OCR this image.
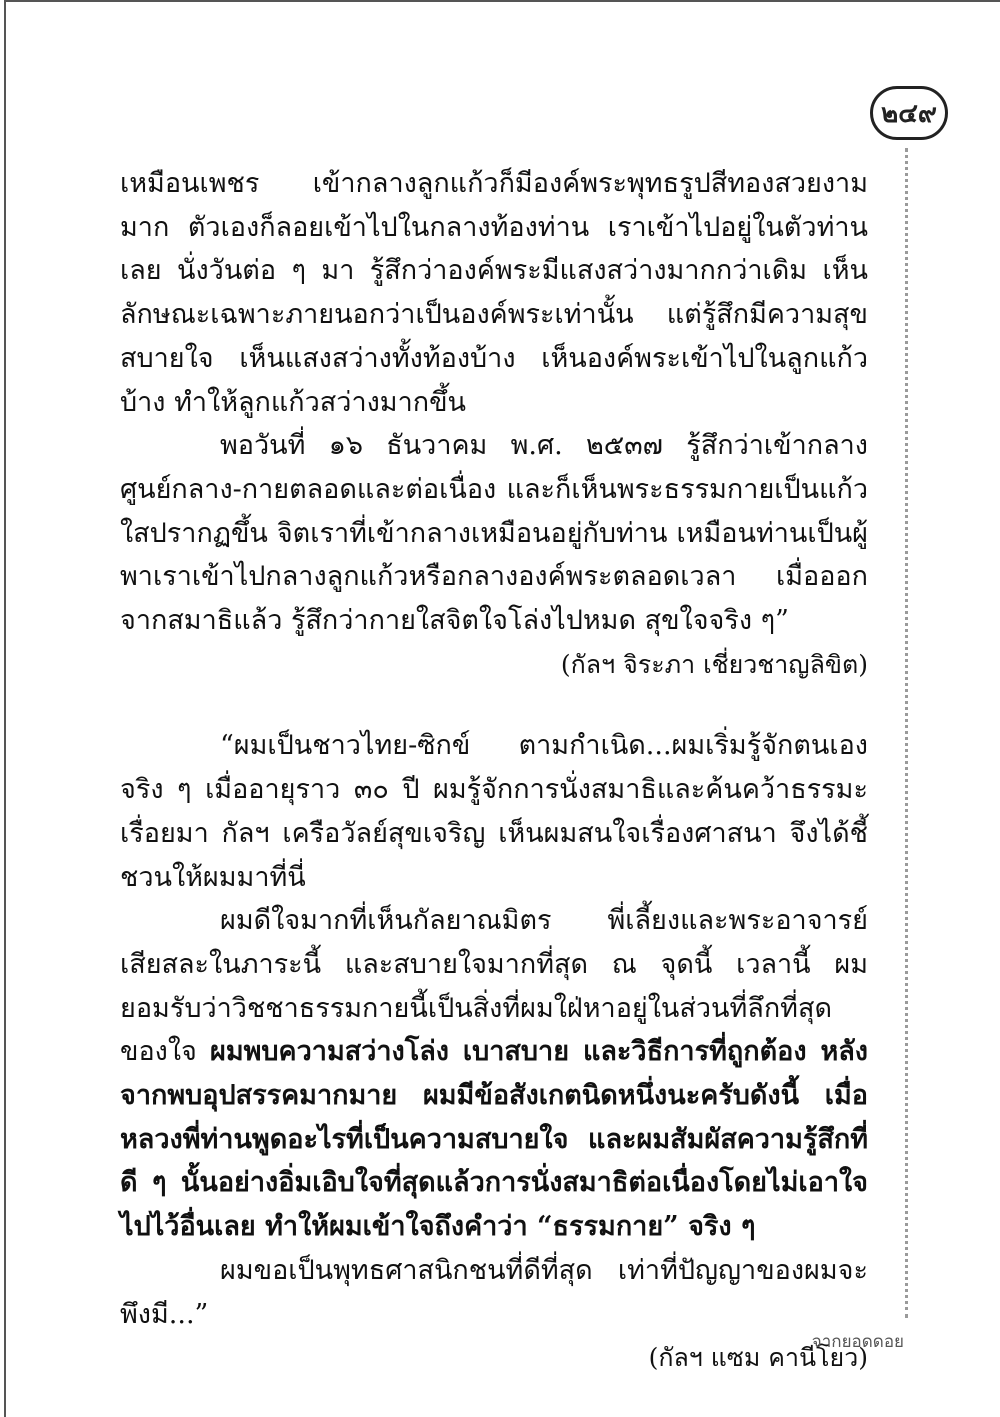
๒๔๙

เหมือนเพชร เข้ากลางลูกแก้วก็มีองค์พระพุทธรูปสีทองสวยงามมาก ตัวเองก็ลอยเข้าไปในกลางท้องท่าน เราเข้าไปอยู่ในตัวท่านเลย นั่งวันต่อ ๆ มา รู้สึกว่าองค์พระมีแสงสว่างมากกว่าเดิม เห็นลักษณะเฉพาะภายนอกว่าเป็นองค์พระเท่านั้น แต่รู้สึกมีความสุขสบายใจ เห็นแสงสว่างทั้งท้องบ้าง เห็นองค์พระเข้าไปในลูกแก้วบ้าง ทำให้ลูกแก้วสว่างมากขึ้น

พอวันที่ ๑๖ ธันวาคม พ.ศ. ๒๕๓๗ รู้สึกว่าเข้ากลางศูนย์กลาง-กายตลอดและต่อเนื่อง และก็เห็นพระธรรมกายเป็นแก้วใสปรากฏขึ้น จิตเราที่เข้ากลางเหมือนอยู่กับท่าน เหมือนท่านเป็นผู้พาเราเข้าไปกลางลูกแก้วหรือกลางองค์พระตลอดเวลา เมื่อออกจากสมาธิแล้ว รู้สึกว่ากายใสจิตใจโล่งไปหมด สุขใจจริง ๆ”

(กัลฯ จิระภา เชี่ยวชาญลิขิต)

“ผมเป็นชาวไทย-ซิกข์ ตามกำเนิด...ผมเริ่มรู้จักตนเองจริง ๆ เมื่ออายุราว ๓๐ ปี ผมรู้จักการนั่งสมาธิและค้นคว้าธรรมะเรื่อยมา กัลฯ เครือวัลย์สุขเจริญ เห็นผมสนใจเรื่องศาสนา จึงได้ชี้ชวนให้ผมมาที่นี่

ผมดีใจมากที่เห็นกัลยาณมิตร พี่เลี้ยงและพระอาจารย์ เสียสละในภาระนี้ และสบายใจมากที่สุด ณ จุดนี้ เวลานี้ ผมยอมรับว่าวิชชาธรรมกายนี้เป็นสิ่งที่ผมใฝ่หาอยู่ในส่วนที่ลึกที่สุดของใจ ผมพบความสว่างโล่ง เบาสบาย และวิธีการที่ถูกต้อง หลังจากพบอุปสรรคมากมาย ผมมีข้อสังเกตนิดหนึ่งนะครับดังนี้ เมื่อหลวงพี่ท่านพูดอะไรที่เป็นความสบายใจ และผมสัมผัสความรู้สึกที่ดี ๆ นั้นอย่างอิ่มเอิบใจที่สุดแล้วการนั่งสมาธิต่อเนื่องโดยไม่เอาใจไปไว้อื่นเลย ทำให้ผมเข้าใจถึงคำว่า “ธรรมกาย” จริง ๆ

ผมขอเป็นพุทธศาสนิกชนที่ดีที่สุด เท่าที่ปัญญาของผมจะพึงมี...”

(กัลฯ แซม คานีโยว)

จากยอดดอย
